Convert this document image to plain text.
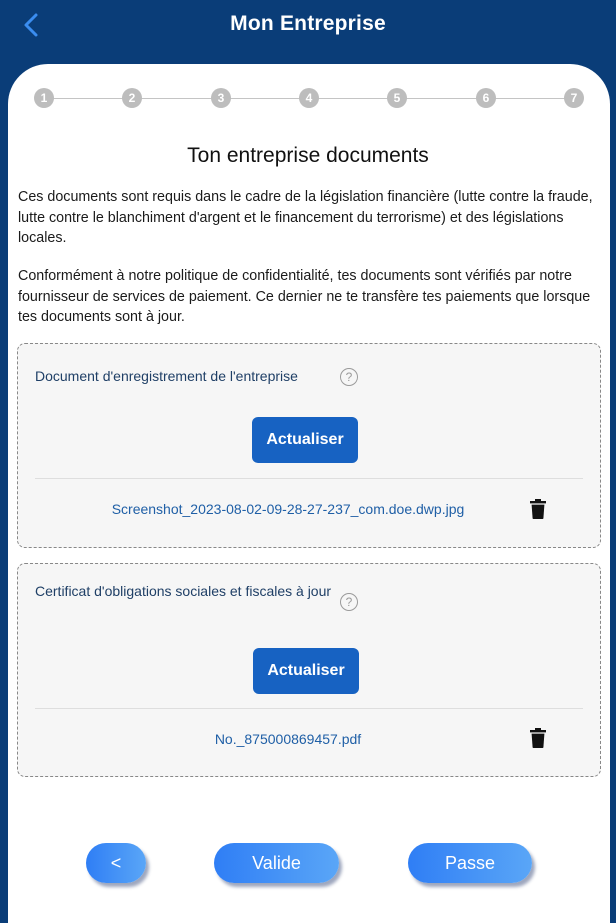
Mon Entreprise
1	2	3	4	5	6	7
Ton entreprise documents
Ces documents sont requis dans le cadre de la législation financière (lutte contre la fraude, lutte contre le blanchiment d'argent et le financement du terrorisme) et des législations locales.
Conformément à notre politique de confidentialité, tes documents sont vérifiés par notre fournisseur de services de paiement. Ce dernier ne te transfère tes paiements que lorsque tes documents sont à jour.
Document d'enregistrement de l'entreprise	?
Actualiser
Screenshot_2023-08-02-09-28-27-237_com.doe.dwp.jpg
Certificat d'obligations sociales et fiscales à jour
?
Actualiser
No._875000869457.pdf
<	Valide	Passe
